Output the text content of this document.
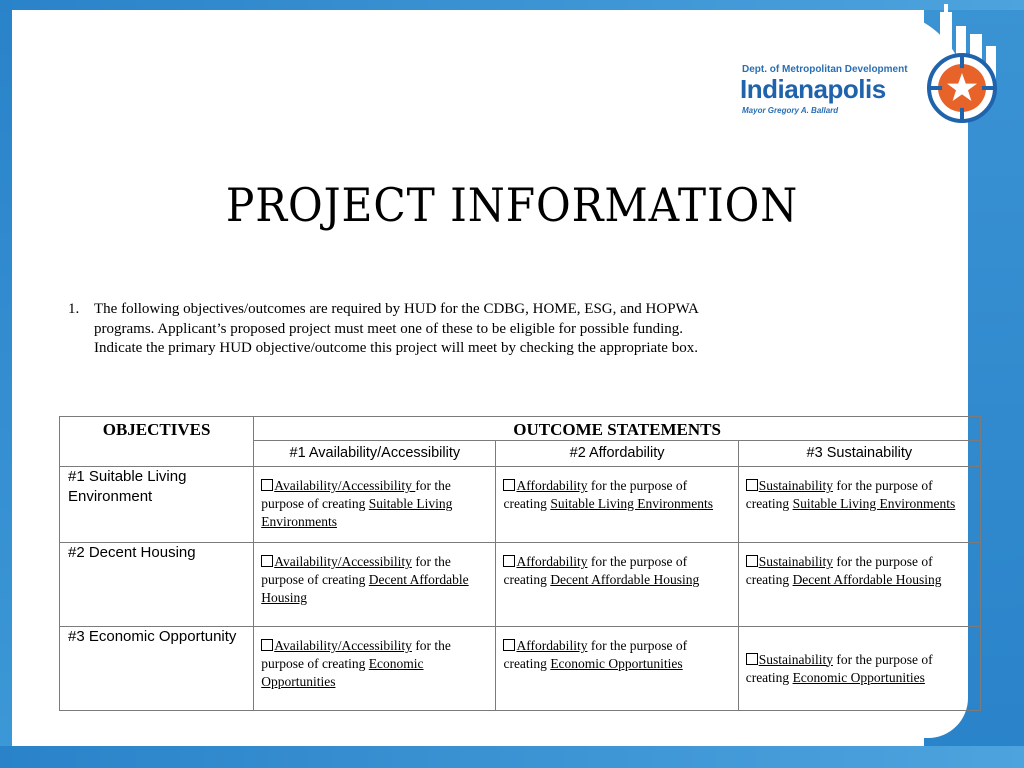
Dept. of Metropolitan Development
Indianapolis
Mayor Gregory A. Ballard
PROJECT INFORMATION
1. The following objectives/outcomes are required by HUD for the CDBG, HOME, ESG, and HOPWA programs. Applicant’s proposed project must meet one of these to be eligible for possible funding. Indicate the primary HUD objective/outcome this project will meet by checking the appropriate box.
OBJECTIVES	OUTCOME STATEMENTS		
	#1 Availability/Accessibility	#2 Affordability	#3 Sustainability
#1 Suitable Living Environment	Availability/Accessibility for the purpose of creating Suitable Living Environments	Affordability for the purpose of creating Suitable Living Environments	Sustainability for the purpose of creating Suitable Living Environments
#2 Decent Housing	Availability/Accessibility for the purpose of creating Decent Affordable Housing	Affordability for the purpose of creating Decent Affordable Housing	Sustainability for the purpose of creating Decent Affordable Housing
#3 Economic Opportunity	Availability/Accessibility for the purpose of creating Economic Opportunities	Affordability for the purpose of creating Economic Opportunities	Sustainability for the purpose of creating Economic Opportunities
